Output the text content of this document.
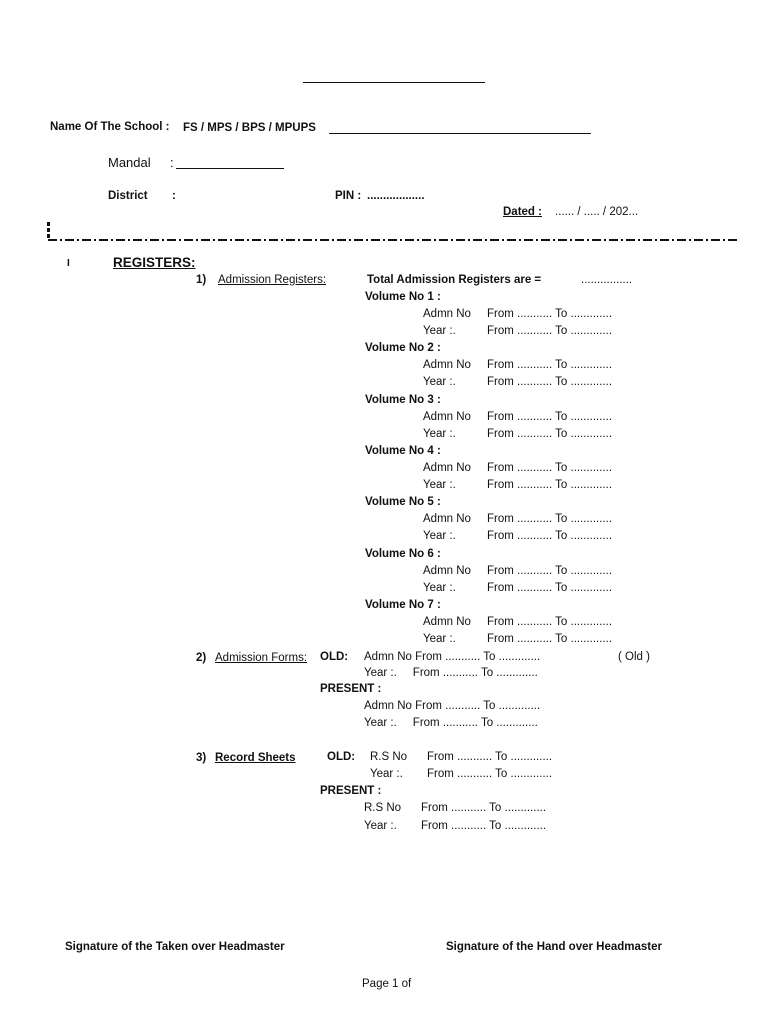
Name Of The School : FS / MPS / BPS / MPUPS
Mandal :
District :	PIN : ..................
Dated : ...... / ..... / 202...
I	REGISTERS:
1) Admission Registers:	Total Admission Registers are =	................
Volume No 1 :
Admn No From ........... To .............
Year :.	From ........... To .............
Volume No 2 :
Admn No From ........... To .............
Year :.	From ........... To .............
Volume No 3 :
Admn No From ........... To .............
Year :.	From ........... To .............
Volume No 4 :
Admn No From ........... To .............
Year :.	From ........... To .............
Volume No 5 :
Admn No From ........... To .............
Year :.	From ........... To .............
Volume No 6 :
Admn No From ........... To .............
Year :.	From ........... To .............
Volume No 7 :
Admn No From ........... To .............
Year :.	From ........... To .............
2) Admission Forms: OLD: Admn No From ........... To .............	( Old )
Year :.     From ........... To .............
PRESENT :
Admn No From ........... To .............
Year :.     From ........... To .............
3) Record Sheets	OLD: R.S No From ........... To .............
Year :. From ........... To .............
PRESENT :
R.S No From ........... To .............
Year :. From ........... To .............
Signature of the Taken over Headmaster	Signature of the Hand over Headmaster
Page 1 of
